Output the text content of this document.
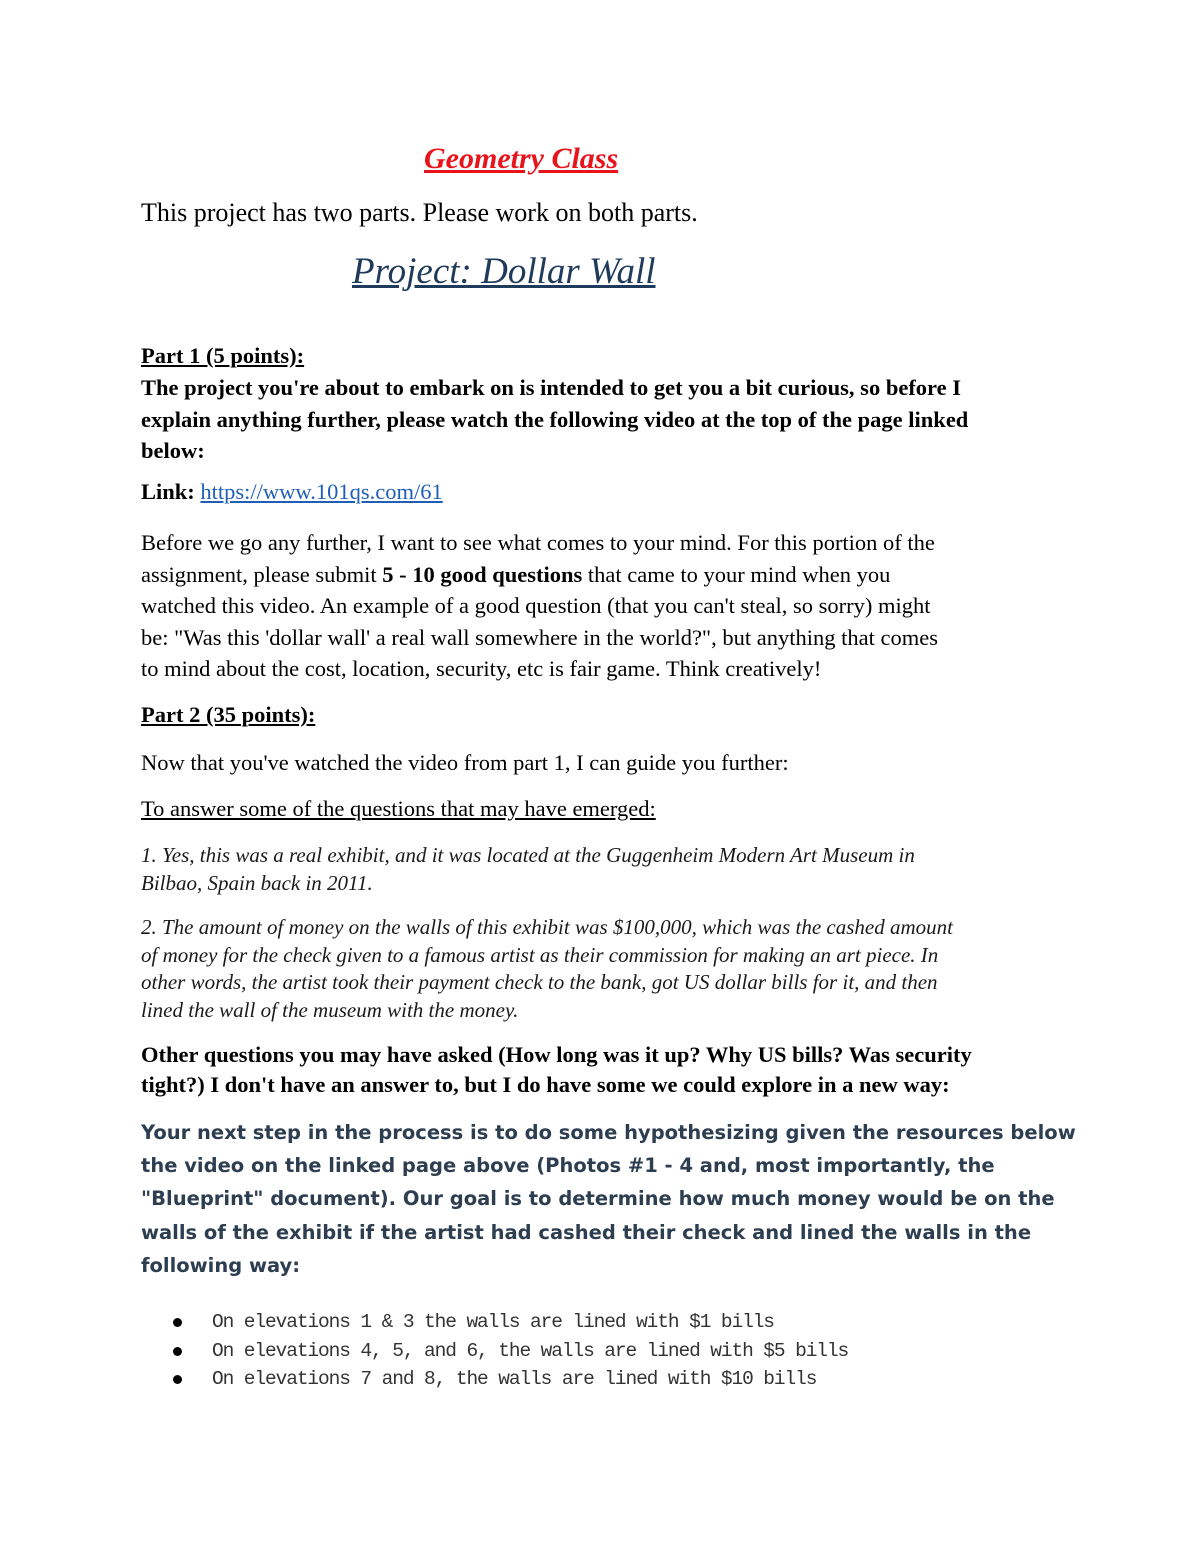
Geometry Class
This project has two parts. Please work on both parts.
Project: Dollar Wall
Part 1 (5 points):
The project you're about to embark on is intended to get you a bit curious, so before I
explain anything further, please watch the following video at the top of the page linked
below:
Link: https://www.101qs.com/61
Before we go any further, I want to see what comes to your mind. For this portion of the
assignment, please submit 5 - 10 good questions that came to your mind when you
watched this video. An example of a good question (that you can't steal, so sorry) might
be: "Was this 'dollar wall' a real wall somewhere in the world?", but anything that comes
to mind about the cost, location, security, etc is fair game. Think creatively!
Part 2 (35 points):
Now that you've watched the video from part 1, I can guide you further:
To answer some of the questions that may have emerged:
1. Yes, this was a real exhibit, and it was located at the Guggenheim Modern Art Museum in
Bilbao, Spain back in 2011.
2. The amount of money on the walls of this exhibit was $100,000, which was the cashed amount
of money for the check given to a famous artist as their commission for making an art piece. In
other words, the artist took their payment check to the bank, got US dollar bills for it, and then
lined the wall of the museum with the money.
Other questions you may have asked (How long was it up? Why US bills? Was security
tight?) I don't have an answer to, but I do have some we could explore in a new way:
Your next step in the process is to do some hypothesizing given the resources below
the video on the linked page above (Photos #1 - 4 and, most importantly, the
"Blueprint" document). Our goal is to determine how much money would be on the
walls of the exhibit if the artist had cashed their check and lined the walls in the
following way:
On elevations 1 & 3 the walls are lined with $1 bills
On elevations 4, 5, and 6, the walls are lined with $5 bills
On elevations 7 and 8, the walls are lined with $10 bills
